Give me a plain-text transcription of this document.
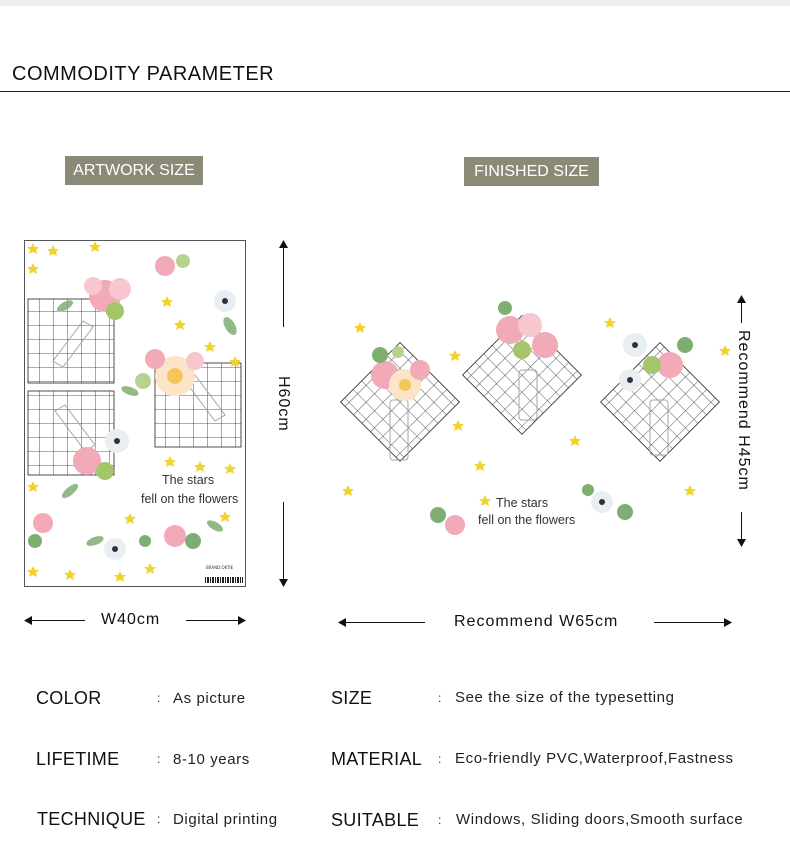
COMMODITY PARAMETER
ARTWORK SIZE	FINISHED SIZE
The stars
fell on the flowers
BRAND:OKTIE
H60cm
W40cm
The stars
fell on the flowers
Recommend H45cm
Recommend W65cm
COLOR	: As picture	SIZE	: See the size of the typesetting
LIFETIME	: 8-10 years	MATERIAL : Eco-friendly PVC,Waterproof,Fastness
TECHNIQUE : Digital printing	SUITABLE : Windows, Sliding doors,Smooth surface
